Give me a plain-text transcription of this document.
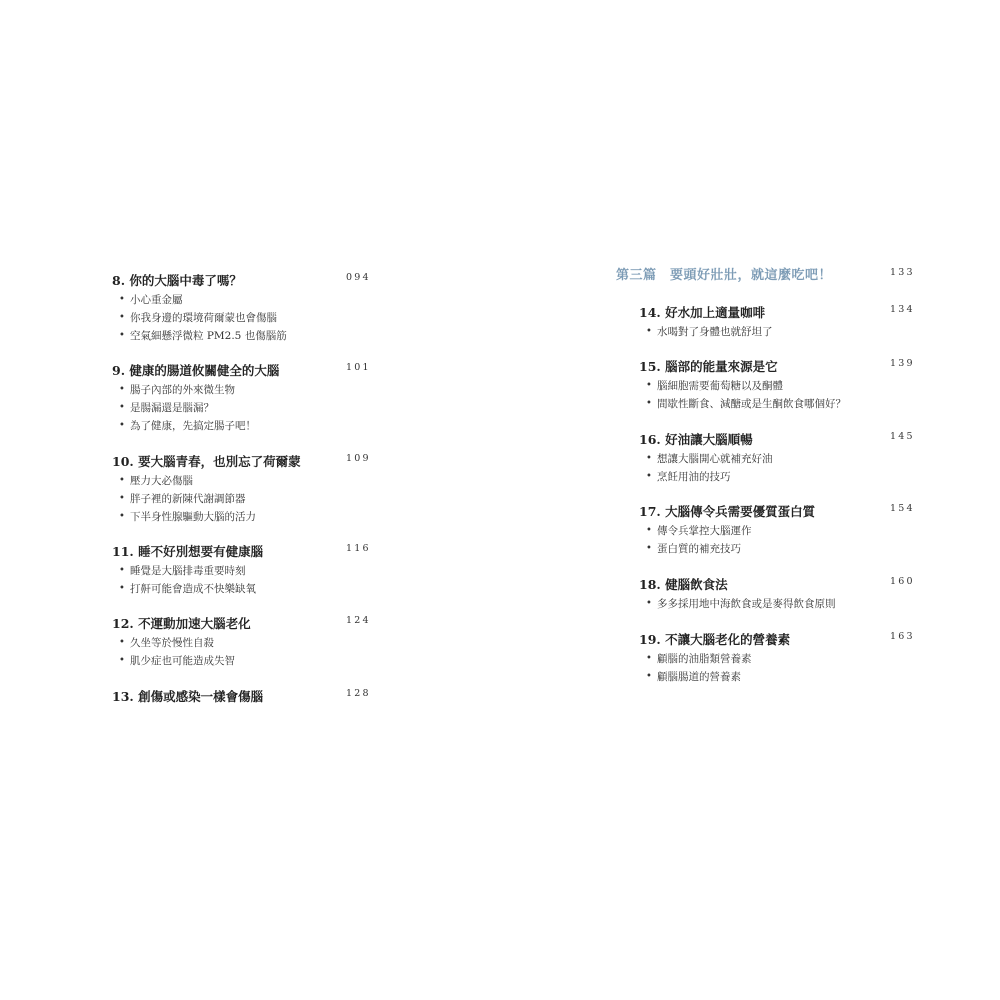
8. 你的大腦中毒了嗎？	094
• 小心重金屬
• 你我身邊的環境荷爾蒙也會傷腦
• 空氣細懸浮微粒 PM2.5 也傷腦筋
9. 健康的腸道攸關健全的大腦	101
• 腸子內部的外來微生物
• 是腸漏還是腦漏？
• 為了健康，先搞定腸子吧！
10. 要大腦青春，也別忘了荷爾蒙	109
• 壓力大必傷腦
• 胖子裡的新陳代謝調節器
• 下半身性腺驅動大腦的活力
11. 睡不好別想要有健康腦	116
• 睡覺是大腦排毒重要時刻
• 打鼾可能會造成不快樂缺氧
12. 不運動加速大腦老化	124
• 久坐等於慢性自殺
• 肌少症也可能造成失智
13. 創傷或感染一樣會傷腦	128
第三篇　要頭好壯壯，就這麼吃吧！	133
14. 好水加上適量咖啡	134
• 水喝對了身體也就舒坦了
15. 腦部的能量來源是它	139
• 腦細胞需要葡萄糖以及酮體
• 間歇性斷食、減醣或是生酮飲食哪個好？
16. 好油讓大腦順暢	145
• 想讓大腦開心就補充好油
• 烹飪用油的技巧
17. 大腦傳令兵需要優質蛋白質	154
• 傳令兵掌控大腦運作
• 蛋白質的補充技巧
18. 健腦飲食法	160
• 多多採用地中海飲食或是麥得飲食原則
19. 不讓大腦老化的營養素	163
• 顧腦的油脂類營養素
• 顧腦腸道的營養素
